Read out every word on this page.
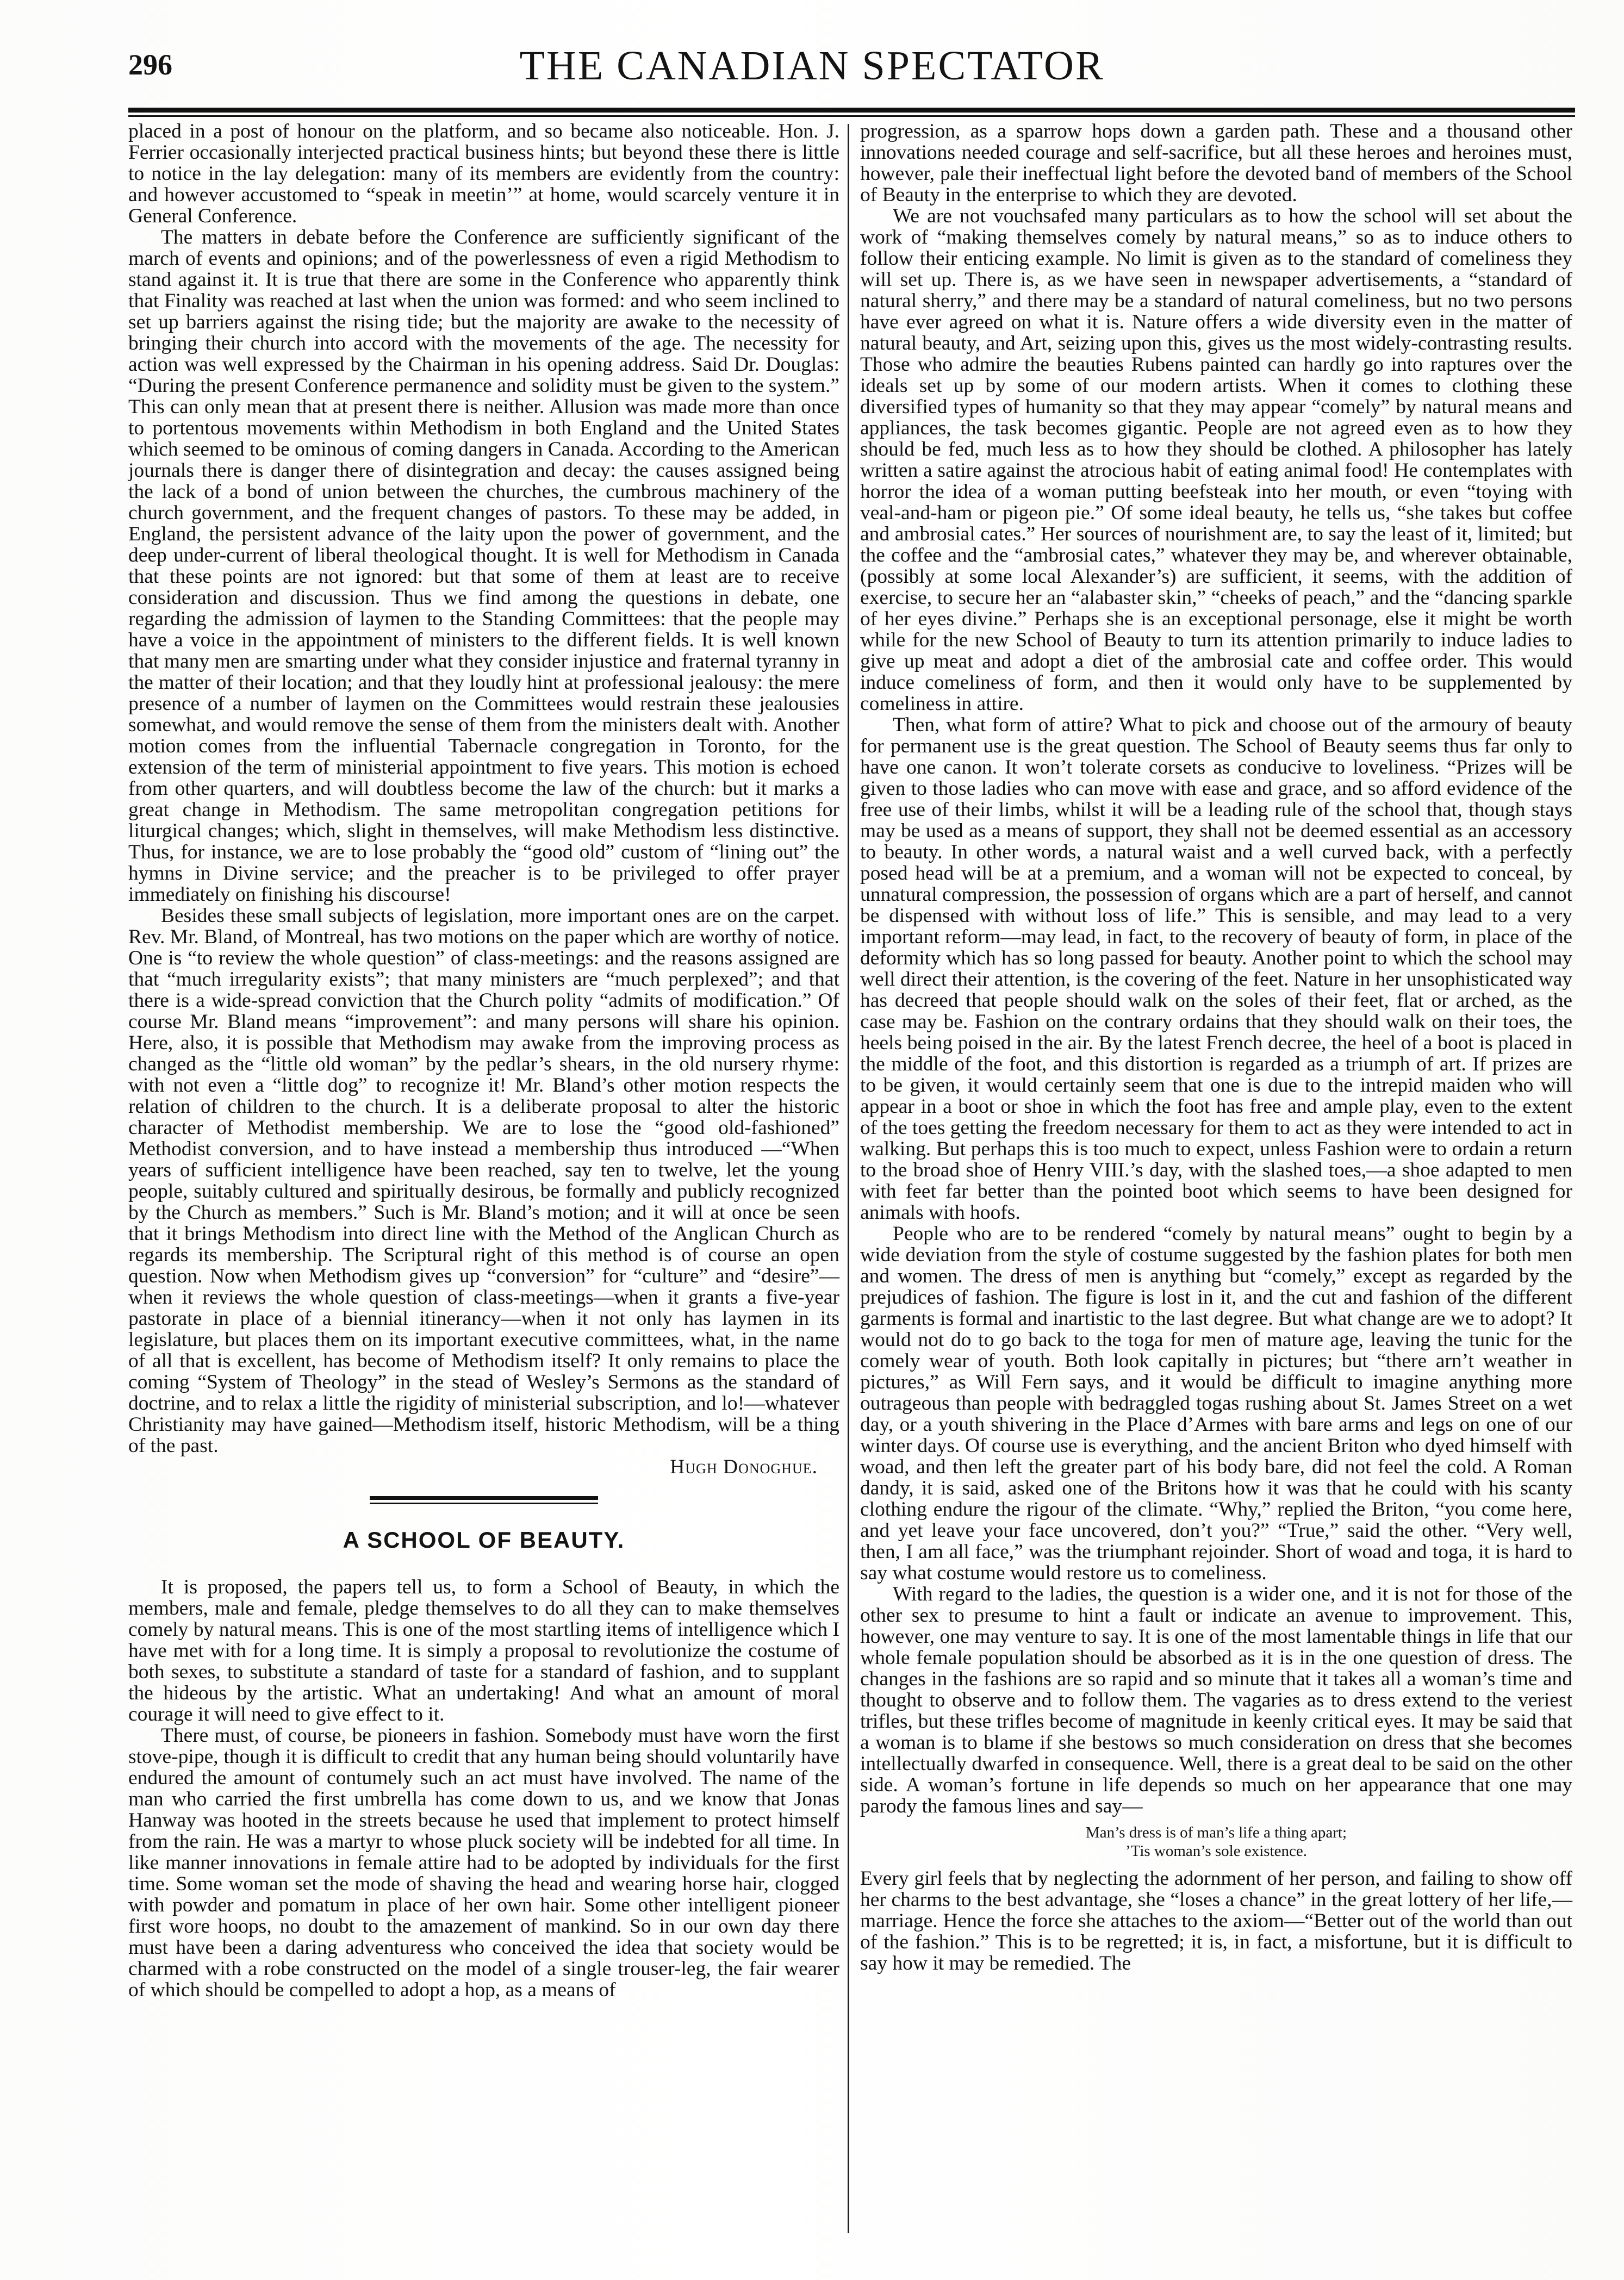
296	THE CANADIAN SPECTATOR

placed in a post of honour on the platform, and so became also noticeable. Hon. J. Ferrier occasionally interjected practical business hints; but beyond these there is little to notice in the lay delegation: many of its members are evidently from the country: and however accustomed to “speak in meetin’” at home, would scarcely venture it in General Conference.

The matters in debate before the Conference are sufficiently significant of the march of events and opinions; and of the powerlessness of even a rigid Methodism to stand against it. It is true that there are some in the Conference who apparently think that Finality was reached at last when the union was formed: and who seem inclined to set up barriers against the rising tide; but the majority are awake to the necessity of bringing their church into accord with the movements of the age. The necessity for action was well expressed by the Chairman in his opening address. Said Dr. Douglas: “During the present Conference permanence and solidity must be given to the system.” This can only mean that at present there is neither. Allusion was made more than once to portentous movements within Methodism in both England and the United States which seemed to be ominous of coming dangers in Canada. According to the American journals there is danger there of disintegration and decay: the causes assigned being the lack of a bond of union between the churches, the cumbrous machinery of the church government, and the frequent changes of pastors. To these may be added, in England, the persistent advance of the laity upon the power of government, and the deep under-current of liberal theological thought. It is well for Methodism in Canada that these points are not ignored: but that some of them at least are to receive consideration and discussion. Thus we find among the questions in debate, one regarding the admission of laymen to the Standing Committees: that the people may have a voice in the appointment of ministers to the different fields. It is well known that many men are smarting under what they consider injustice and fraternal tyranny in the matter of their location; and that they loudly hint at professional jealousy: the mere presence of a number of laymen on the Committees would restrain these jealousies somewhat, and would remove the sense of them from the ministers dealt with. Another motion comes from the influential Tabernacle congregation in Toronto, for the extension of the term of ministerial appointment to five years. This motion is echoed from other quarters, and will doubtless become the law of the church: but it marks a great change in Methodism. The same metropolitan congregation petitions for liturgical changes; which, slight in themselves, will make Methodism less distinctive. Thus, for instance, we are to lose probably the “good old” custom of “lining out” the hymns in Divine service; and the preacher is to be privileged to offer prayer immediately on finishing his discourse!

Besides these small subjects of legislation, more important ones are on the carpet. Rev. Mr. Bland, of Montreal, has two motions on the paper which are worthy of notice. One is “to review the whole question” of class-meetings: and the reasons assigned are that “much irregularity exists”; that many ministers are “much perplexed”; and that there is a wide-spread conviction that the Church polity “admits of modification.” Of course Mr. Bland means “improvement”: and many persons will share his opinion. Here, also, it is possible that Methodism may awake from the improving process as changed as the “little old woman” by the pedlar’s shears, in the old nursery rhyme: with not even a “little dog” to recognize it! Mr. Bland’s other motion respects the relation of children to the church. It is a deliberate proposal to alter the historic character of Methodist membership. We are to lose the “good old-fashioned” Methodist conversion, and to have instead a membership thus introduced —“When years of sufficient intelligence have been reached, say ten to twelve, let the young people, suitably cultured and spiritually desirous, be formally and publicly recognized by the Church as members.” Such is Mr. Bland’s motion; and it will at once be seen that it brings Methodism into direct line with the Method of the Anglican Church as regards its membership. The Scriptural right of this method is of course an open question. Now when Methodism gives up “conversion” for “culture” and “desire”—when it reviews the whole question of class-meetings—when it grants a five-year pastorate in place of a biennial itinerancy—when it not only has laymen in its legislature, but places them on its important executive committees, what, in the name of all that is excellent, has become of Methodism itself? It only remains to place the coming “System of Theology” in the stead of Wesley’s Sermons as the standard of doctrine, and to relax a little the rigidity of ministerial subscription, and lo!—whatever Christianity may have gained—Methodism itself, historic Methodism, will be a thing of the past.

Hugh Donoghue.

A SCHOOL OF BEAUTY.

It is proposed, the papers tell us, to form a School of Beauty, in which the members, male and female, pledge themselves to do all they can to make themselves comely by natural means. This is one of the most startling items of intelligence which I have met with for a long time. It is simply a proposal to revolutionize the costume of both sexes, to substitute a standard of taste for a standard of fashion, and to supplant the hideous by the artistic. What an undertaking! And what an amount of moral courage it will need to give effect to it.

There must, of course, be pioneers in fashion. Somebody must have worn the first stove-pipe, though it is difficult to credit that any human being should voluntarily have endured the amount of contumely such an act must have involved. The name of the man who carried the first umbrella has come down to us, and we know that Jonas Hanway was hooted in the streets because he used that implement to protect himself from the rain. He was a martyr to whose pluck society will be indebted for all time. In like manner innovations in female attire had to be adopted by individuals for the first time. Some woman set the mode of shaving the head and wearing horse hair, clogged with powder and pomatum in place of her own hair. Some other intelligent pioneer first wore hoops, no doubt to the amazement of mankind. So in our own day there must have been a daring adventuress who conceived the idea that society would be charmed with a robe constructed on the model of a single trouser-leg, the fair wearer of which should be compelled to adopt a hop, as a means of

progression, as a sparrow hops down a garden path. These and a thousand other innovations needed courage and self-sacrifice, but all these heroes and heroines must, however, pale their ineffectual light before the devoted band of members of the School of Beauty in the enterprise to which they are devoted.

We are not vouchsafed many particulars as to how the school will set about the work of “making themselves comely by natural means,” so as to induce others to follow their enticing example. No limit is given as to the standard of comeliness they will set up. There is, as we have seen in newspaper advertisements, a “standard of natural sherry,” and there may be a standard of natural comeliness, but no two persons have ever agreed on what it is. Nature offers a wide diversity even in the matter of natural beauty, and Art, seizing upon this, gives us the most widely-contrasting results. Those who admire the beauties Rubens painted can hardly go into raptures over the ideals set up by some of our modern artists. When it comes to clothing these diversified types of humanity so that they may appear “comely” by natural means and appliances, the task becomes gigantic. People are not agreed even as to how they should be fed, much less as to how they should be clothed. A philosopher has lately written a satire against the atrocious habit of eating animal food! He contemplates with horror the idea of a woman putting beefsteak into her mouth, or even “toying with veal-and-ham or pigeon pie.” Of some ideal beauty, he tells us, “she takes but coffee and ambrosial cates.” Her sources of nourishment are, to say the least of it, limited; but the coffee and the “ambrosial cates,” whatever they may be, and wherever obtainable, (possibly at some local Alexander’s) are sufficient, it seems, with the addition of exercise, to secure her an “alabaster skin,” “cheeks of peach,” and the “dancing sparkle of her eyes divine.” Perhaps she is an exceptional personage, else it might be worth while for the new School of Beauty to turn its attention primarily to induce ladies to give up meat and adopt a diet of the ambrosial cate and coffee order. This would induce comeliness of form, and then it would only have to be supplemented by comeliness in attire.

Then, what form of attire? What to pick and choose out of the armoury of beauty for permanent use is the great question. The School of Beauty seems thus far only to have one canon. It won’t tolerate corsets as conducive to loveliness. “Prizes will be given to those ladies who can move with ease and grace, and so afford evidence of the free use of their limbs, whilst it will be a leading rule of the school that, though stays may be used as a means of support, they shall not be deemed essential as an accessory to beauty. In other words, a natural waist and a well curved back, with a perfectly posed head will be at a premium, and a woman will not be expected to conceal, by unnatural compression, the possession of organs which are a part of herself, and cannot be dispensed with without loss of life.” This is sensible, and may lead to a very important reform—may lead, in fact, to the recovery of beauty of form, in place of the deformity which has so long passed for beauty. Another point to which the school may well direct their attention, is the covering of the feet. Nature in her unsophisticated way has decreed that people should walk on the soles of their feet, flat or arched, as the case may be. Fashion on the contrary ordains that they should walk on their toes, the heels being poised in the air. By the latest French decree, the heel of a boot is placed in the middle of the foot, and this distortion is regarded as a triumph of art. If prizes are to be given, it would certainly seem that one is due to the intrepid maiden who will appear in a boot or shoe in which the foot has free and ample play, even to the extent of the toes getting the freedom necessary for them to act as they were intended to act in walking. But perhaps this is too much to expect, unless Fashion were to ordain a return to the broad shoe of Henry VIII.’s day, with the slashed toes,—a shoe adapted to men with feet far better than the pointed boot which seems to have been designed for animals with hoofs.

People who are to be rendered “comely by natural means” ought to begin by a wide deviation from the style of costume suggested by the fashion plates for both men and women. The dress of men is anything but “comely,” except as regarded by the prejudices of fashion. The figure is lost in it, and the cut and fashion of the different garments is formal and inartistic to the last degree. But what change are we to adopt? It would not do to go back to the toga for men of mature age, leaving the tunic for the comely wear of youth. Both look capitally in pictures; but “there arn’t weather in pictures,” as Will Fern says, and it would be difficult to imagine anything more outrageous than people with bedraggled togas rushing about St. James Street on a wet day, or a youth shivering in the Place d’Armes with bare arms and legs on one of our winter days. Of course use is everything, and the ancient Briton who dyed himself with woad, and then left the greater part of his body bare, did not feel the cold. A Roman dandy, it is said, asked one of the Britons how it was that he could with his scanty clothing endure the rigour of the climate. “Why,” replied the Briton, “you come here, and yet leave your face uncovered, don’t you?” “True,” said the other. “Very well, then, I am all face,” was the triumphant rejoinder. Short of woad and toga, it is hard to say what costume would restore us to comeliness.

With regard to the ladies, the question is a wider one, and it is not for those of the other sex to presume to hint a fault or indicate an avenue to improvement. This, however, one may venture to say. It is one of the most lamentable things in life that our whole female population should be absorbed as it is in the one question of dress. The changes in the fashions are so rapid and so minute that it takes all a woman’s time and thought to observe and to follow them. The vagaries as to dress extend to the veriest trifles, but these trifles become of magnitude in keenly critical eyes. It may be said that a woman is to blame if she bestows so much consideration on dress that she becomes intellectually dwarfed in consequence. Well, there is a great deal to be said on the other side. A woman’s fortune in life depends so much on her appearance that one may parody the famous lines and say—

Man’s dress is of man’s life a thing apart;
’Tis woman’s sole existence.

Every girl feels that by neglecting the adornment of her person, and failing to show off her charms to the best advantage, she “loses a chance” in the great lottery of her life,—marriage. Hence the force she attaches to the axiom—“Better out of the world than out of the fashion.” This is to be regretted; it is, in fact, a misfortune, but it is difficult to say how it may be remedied. The
